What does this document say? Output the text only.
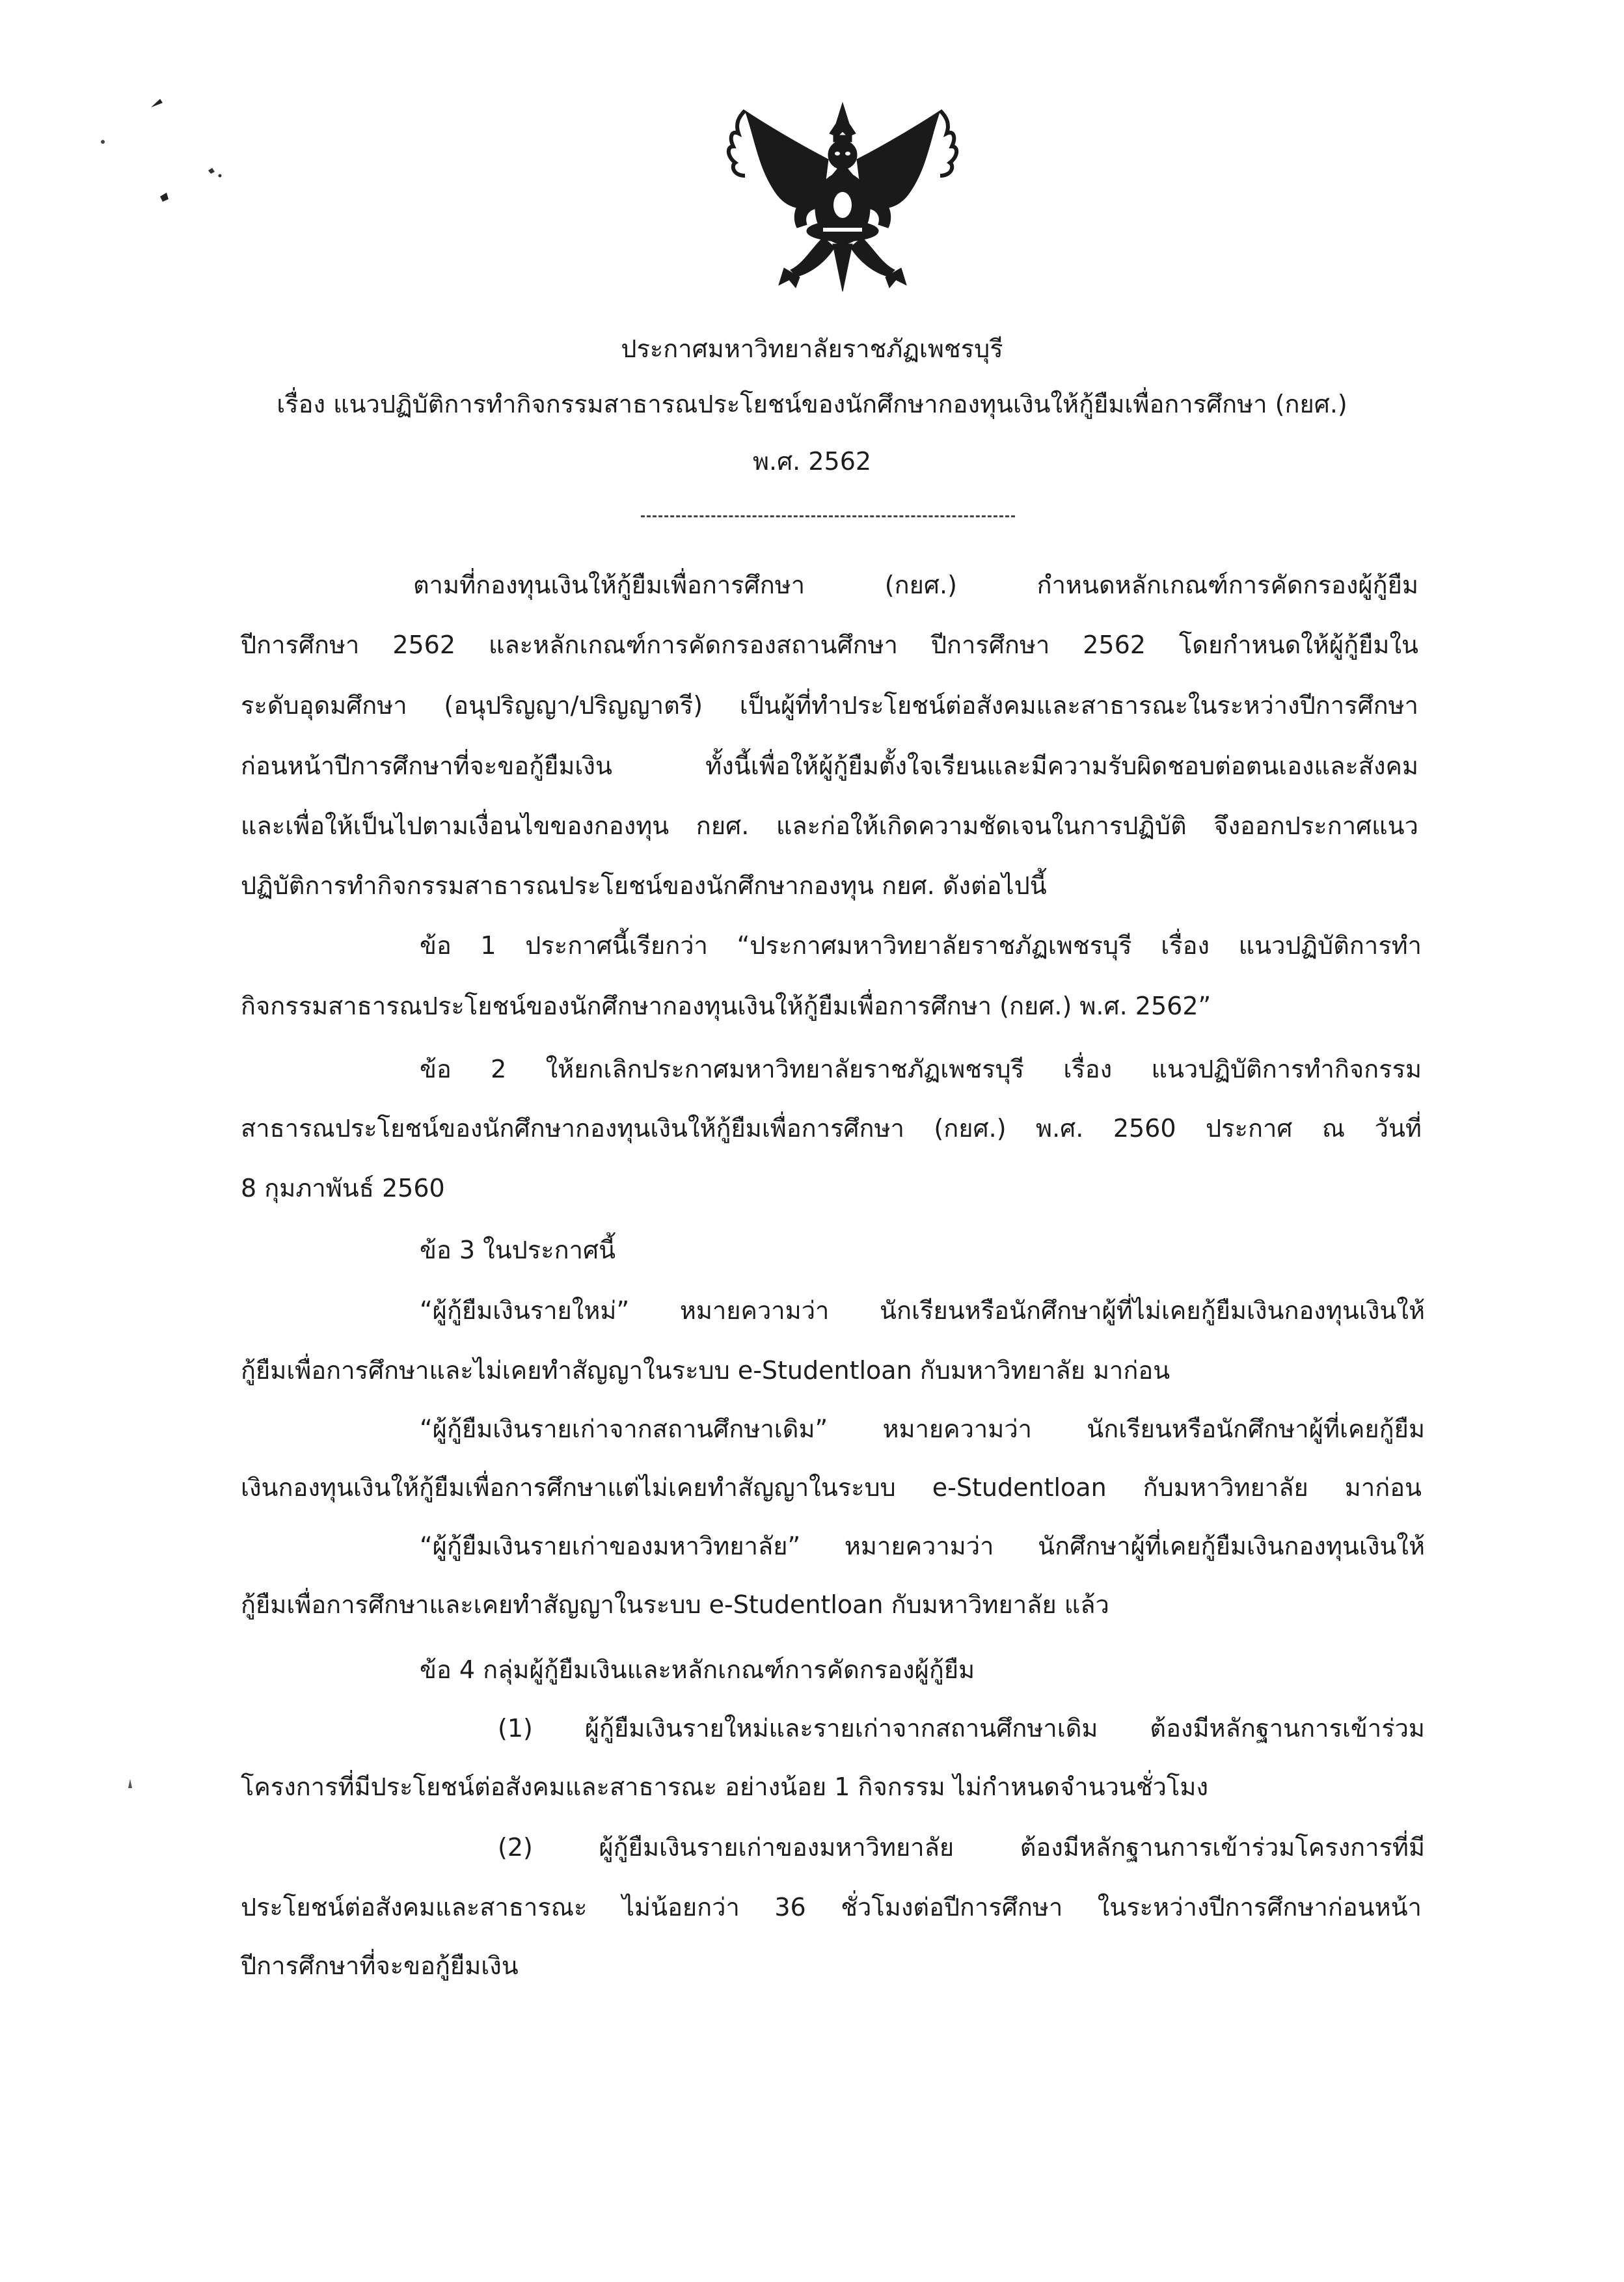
ประกาศมหาวิทยาลัยราชภัฏเพชรบุรี
เรื่อง แนวปฏิบัติการทำกิจกรรมสาธารณประโยชน์ของนักศึกษากองทุนเงินให้กู้ยืมเพื่อการศึกษา (กยศ.)
พ.ศ. 2562
ตามที่กองทุนเงินให้กู้ยืมเพื่อการศึกษา (กยศ.) กำหนดหลักเกณฑ์การคัดกรองผู้กู้ยืม
ปีการศึกษา 2562 และหลักเกณฑ์การคัดกรองสถานศึกษา ปีการศึกษา 2562 โดยกำหนดให้ผู้กู้ยืมใน
ระดับอุดมศึกษา (อนุปริญญา/ปริญญาตรี) เป็นผู้ที่ทำประโยชน์ต่อสังคมและสาธารณะในระหว่างปีการศึกษา
ก่อนหน้าปีการศึกษาที่จะขอกู้ยืมเงิน ทั้งนี้เพื่อให้ผู้กู้ยืมตั้งใจเรียนและมีความรับผิดชอบต่อตนเองและสังคม
และเพื่อให้เป็นไปตามเงื่อนไขของกองทุน กยศ. และก่อให้เกิดความชัดเจนในการปฏิบัติ จึงออกประกาศแนว
ปฏิบัติการทำกิจกรรมสาธารณประโยชน์ของนักศึกษากองทุน กยศ. ดังต่อไปนี้
ข้อ 1 ประกาศนี้เรียกว่า “ประกาศมหาวิทยาลัยราชภัฏเพชรบุรี เรื่อง แนวปฏิบัติการทำ
กิจกรรมสาธารณประโยชน์ของนักศึกษากองทุนเงินให้กู้ยืมเพื่อการศึกษา (กยศ.) พ.ศ. 2562”
ข้อ 2 ให้ยกเลิกประกาศมหาวิทยาลัยราชภัฏเพชรบุรี เรื่อง แนวปฏิบัติการทำกิจกรรม
สาธารณประโยชน์ของนักศึกษากองทุนเงินให้กู้ยืมเพื่อการศึกษา (กยศ.) พ.ศ. 2560 ประกาศ ณ วันที่
8 กุมภาพันธ์ 2560
ข้อ 3 ในประกาศนี้
“ผู้กู้ยืมเงินรายใหม่” หมายความว่า นักเรียนหรือนักศึกษาผู้ที่ไม่เคยกู้ยืมเงินกองทุนเงินให้
กู้ยืมเพื่อการศึกษาและไม่เคยทำสัญญาในระบบ e-Studentloan กับมหาวิทยาลัย มาก่อน
“ผู้กู้ยืมเงินรายเก่าจากสถานศึกษาเดิม” หมายความว่า นักเรียนหรือนักศึกษาผู้ที่เคยกู้ยืม
เงินกองทุนเงินให้กู้ยืมเพื่อการศึกษาแต่ไม่เคยทำสัญญาในระบบ e-Studentloan กับมหาวิทยาลัย มาก่อน
“ผู้กู้ยืมเงินรายเก่าของมหาวิทยาลัย” หมายความว่า นักศึกษาผู้ที่เคยกู้ยืมเงินกองทุนเงินให้
กู้ยืมเพื่อการศึกษาและเคยทำสัญญาในระบบ e-Studentloan กับมหาวิทยาลัย แล้ว
ข้อ 4 กลุ่มผู้กู้ยืมเงินและหลักเกณฑ์การคัดกรองผู้กู้ยืม
(1) ผู้กู้ยืมเงินรายใหม่และรายเก่าจากสถานศึกษาเดิม ต้องมีหลักฐานการเข้าร่วม
โครงการที่มีประโยชน์ต่อสังคมและสาธารณะ อย่างน้อย 1 กิจกรรม ไม่กำหนดจำนวนชั่วโมง
(2) ผู้กู้ยืมเงินรายเก่าของมหาวิทยาลัย ต้องมีหลักฐานการเข้าร่วมโครงการที่มี
ประโยชน์ต่อสังคมและสาธารณะ ไม่น้อยกว่า 36 ชั่วโมงต่อปีการศึกษา ในระหว่างปีการศึกษาก่อนหน้า
ปีการศึกษาที่จะขอกู้ยืมเงิน
